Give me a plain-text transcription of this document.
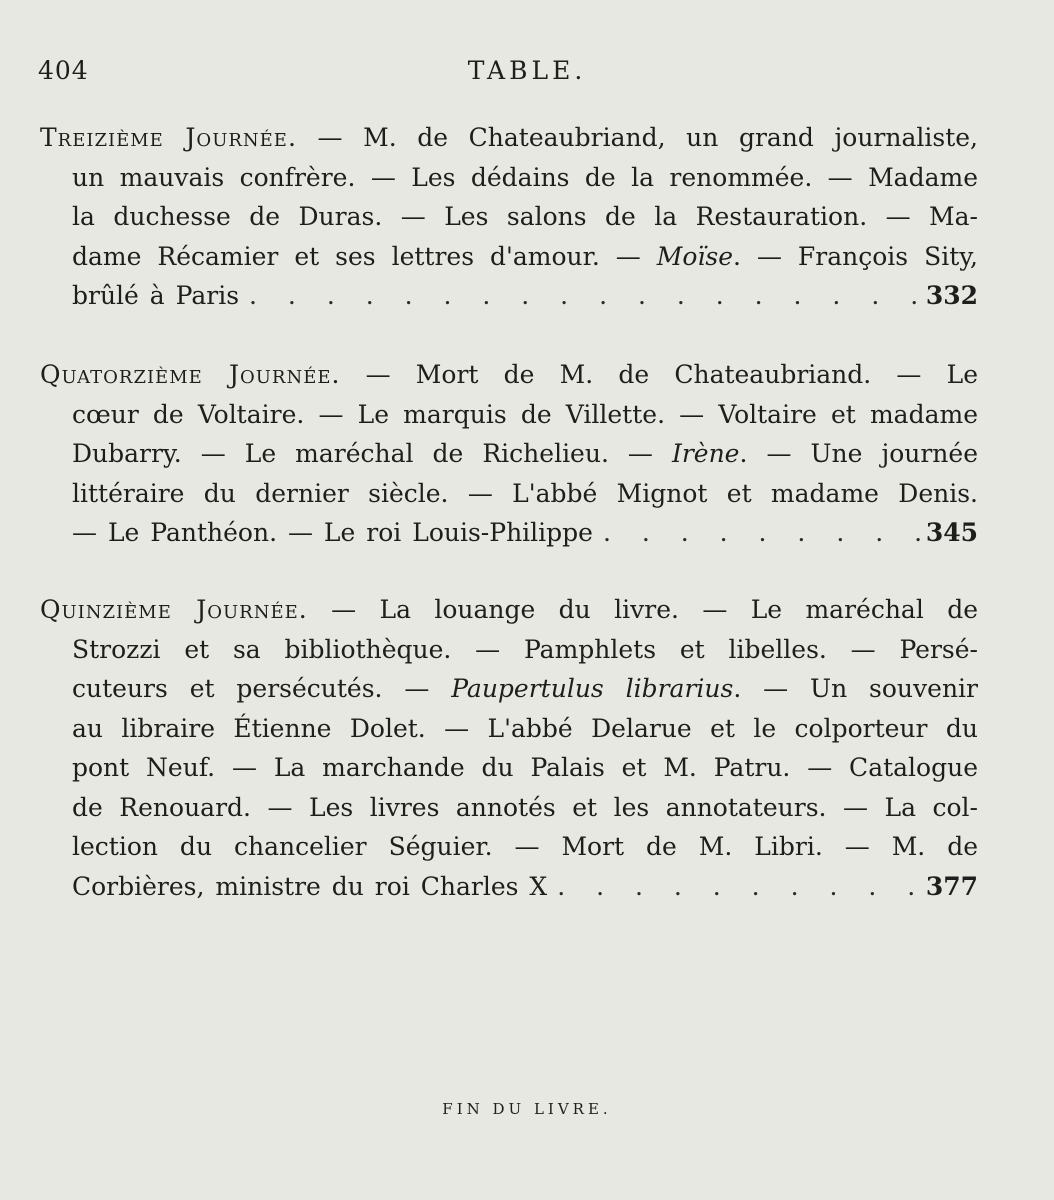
404	TABLE.
Treizième Journée. — M. de Chateaubriand, un grand journaliste,
un mauvais confrère. — Les dédains de la renommée. — Madame
la duchesse de Duras. — Les salons de la Restauration. — Ma-
dame Récamier et ses lettres d'amour. — Moïse. — François Sity,
brûlé à Paris . . .	332
Quatorzième Journée. — Mort de M. de Chateaubriand. — Le
cœur de Voltaire. — Le marquis de Villette. — Voltaire et madame
Dubarry. — Le maréchal de Richelieu. — Irène. — Une journée
littéraire du dernier siècle. — L'abbé Mignot et madame Denis.
— Le Panthéon. — Le roi Louis-Philippe . . .	345
Quinzième Journée. — La louange du livre. — Le maréchal de
Strozzi et sa bibliothèque. — Pamphlets et libelles. — Persé-
cuteurs et persécutés. — Paupertulus librarius. — Un souvenir
au libraire Étienne Dolet. — L'abbé Delarue et le colporteur du
pont Neuf. — La marchande du Palais et M. Patru. — Catalogue
de Renouard. — Les livres annotés et les annotateurs. — La col-
lection du chancelier Séguier. — Mort de M. Libri. — M. de
Corbières, ministre du roi Charles X . . .	377
FIN DU LIVRE.
